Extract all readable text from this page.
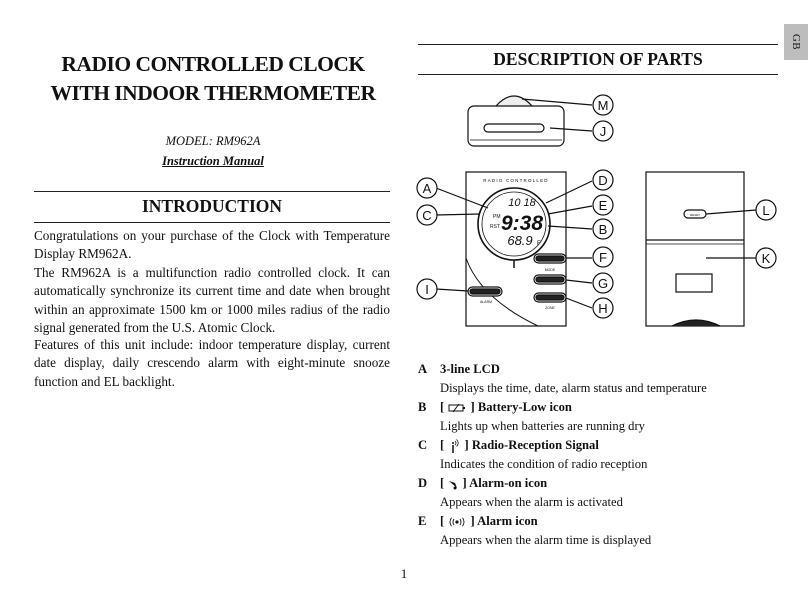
GB
RADIO CONTROLLED CLOCK
WITH INDOOR THERMOMETER
MODEL: RM962A
Instruction Manual
INTRODUCTION
Congratulations on your purchase of the Clock with Temperature Display RM962A.
The RM962A is a multifunction radio controlled clock. It can automatically synchronize its current time and date when brought within an approximate 1500 km or 1000 miles radius of the radio signal generated from the U.S. Atomic Clock.
Features of this unit include: indoor temperature display, current date display, daily crescendo alarm with eight-minute snooze function and EL backlight.
DESCRIPTION OF PARTS
M
J
A
C
D
E
B
F
G
I
H
L
K
RADIO CONTROLLED
10 18
9:38
PM
RST
68.9 F
MODE
ZONE
ALARM
RESET
A	3-line LCD
Displays the time, date, alarm status and temperature
B	[  ] Battery-Low icon
Lights up when batteries are running dry
C	[  ] Radio-Reception Signal
Indicates the condition of radio reception
D	[  ] Alarm-on icon
Appears when the alarm is activated
E	[  ] Alarm icon
Appears when the alarm time is displayed
1
